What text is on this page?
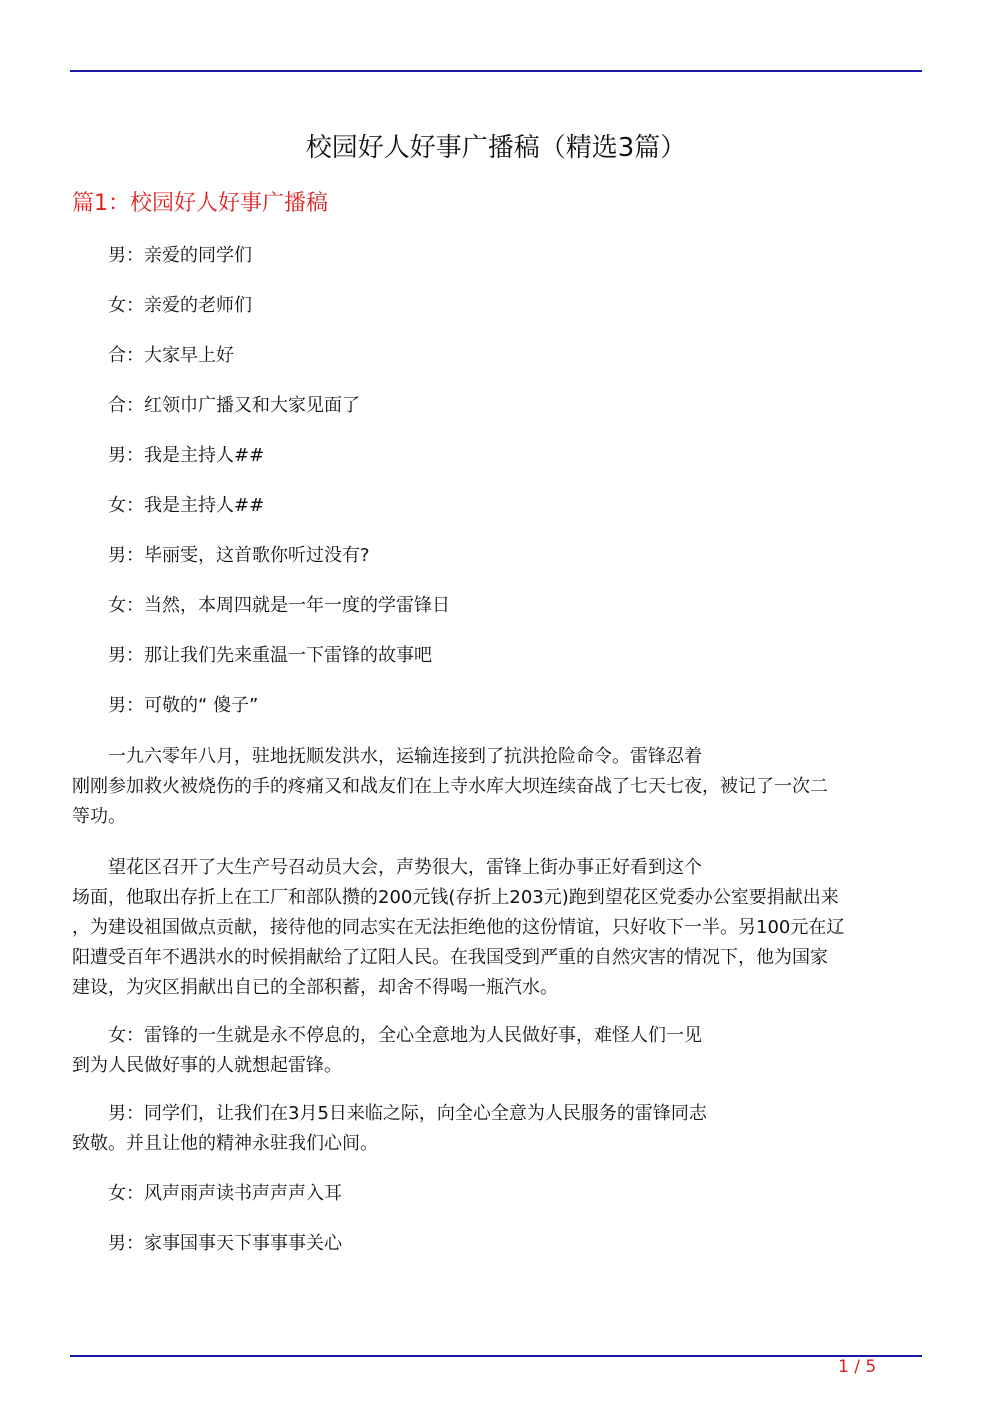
校园好人好事广播稿（精选3篇）
篇1：校园好人好事广播稿
男：亲爱的同学们
女：亲爱的老师们
合：大家早上好
合：红领巾广播又和大家见面了
男：我是主持人##
女：我是主持人##
男：毕丽雯，这首歌你听过没有?
女：当然，本周四就是一年一度的学雷锋日
男：那让我们先来重温一下雷锋的故事吧
男：可敬的“ 傻子”
一九六零年八月，驻地抚顺发洪水，运输连接到了抗洪抢险命令。雷锋忍着
刚刚参加救火被烧伤的手的疼痛又和战友们在上寺水库大坝连续奋战了七天七夜，被记了一次二
等功。
望花区召开了大生产号召动员大会，声势很大，雷锋上街办事正好看到这个
场面，他取出存折上在工厂和部队攒的200元钱(存折上203元)跑到望花区党委办公室要捐献出来
，为建设祖国做点贡献，接待他的同志实在无法拒绝他的这份情谊，只好收下一半。另100元在辽
阳遭受百年不遇洪水的时候捐献给了辽阳人民。在我国受到严重的自然灾害的情况下，他为国家
建设，为灾区捐献出自已的全部积蓄，却舍不得喝一瓶汽水。
女：雷锋的一生就是永不停息的，全心全意地为人民做好事，难怪人们一见
到为人民做好事的人就想起雷锋。
男：同学们，让我们在3月5日来临之际，向全心全意为人民服务的雷锋同志
致敬。并且让他的精神永驻我们心间。
女：风声雨声读书声声声入耳
男：家事国事天下事事事关心
1 / 5
